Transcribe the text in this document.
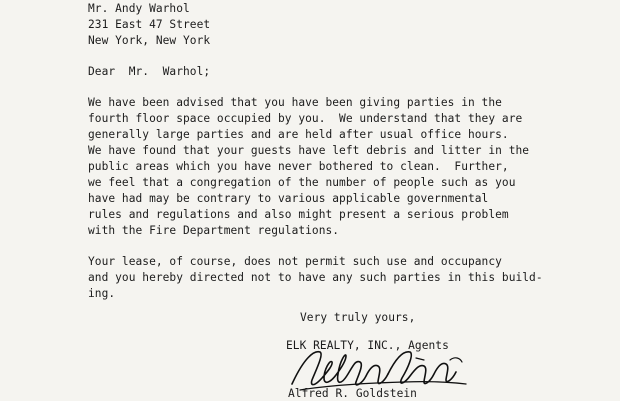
Mr. Andy Warhol
231 East 47 Street
New York, New York
Dear  Mr.  Warhol;
We have been advised that you have been giving parties in the
fourth floor space occupied by you.  We understand that they are
generally large parties and are held after usual office hours.
We have found that your guests have left debris and litter in the
public areas which you have never bothered to clean.  Further,
we feel that a congregation of the number of people such as you
have had may be contrary to various applicable governmental
rules and regulations and also might present a serious problem
with the Fire Department regulations.
Your lease, of course, does not permit such use and occupancy
and you hereby directed not to have any such parties in this build-
ing.
Very truly yours,
ELK REALTY, INC., Agents
Alfred R. Goldstein
